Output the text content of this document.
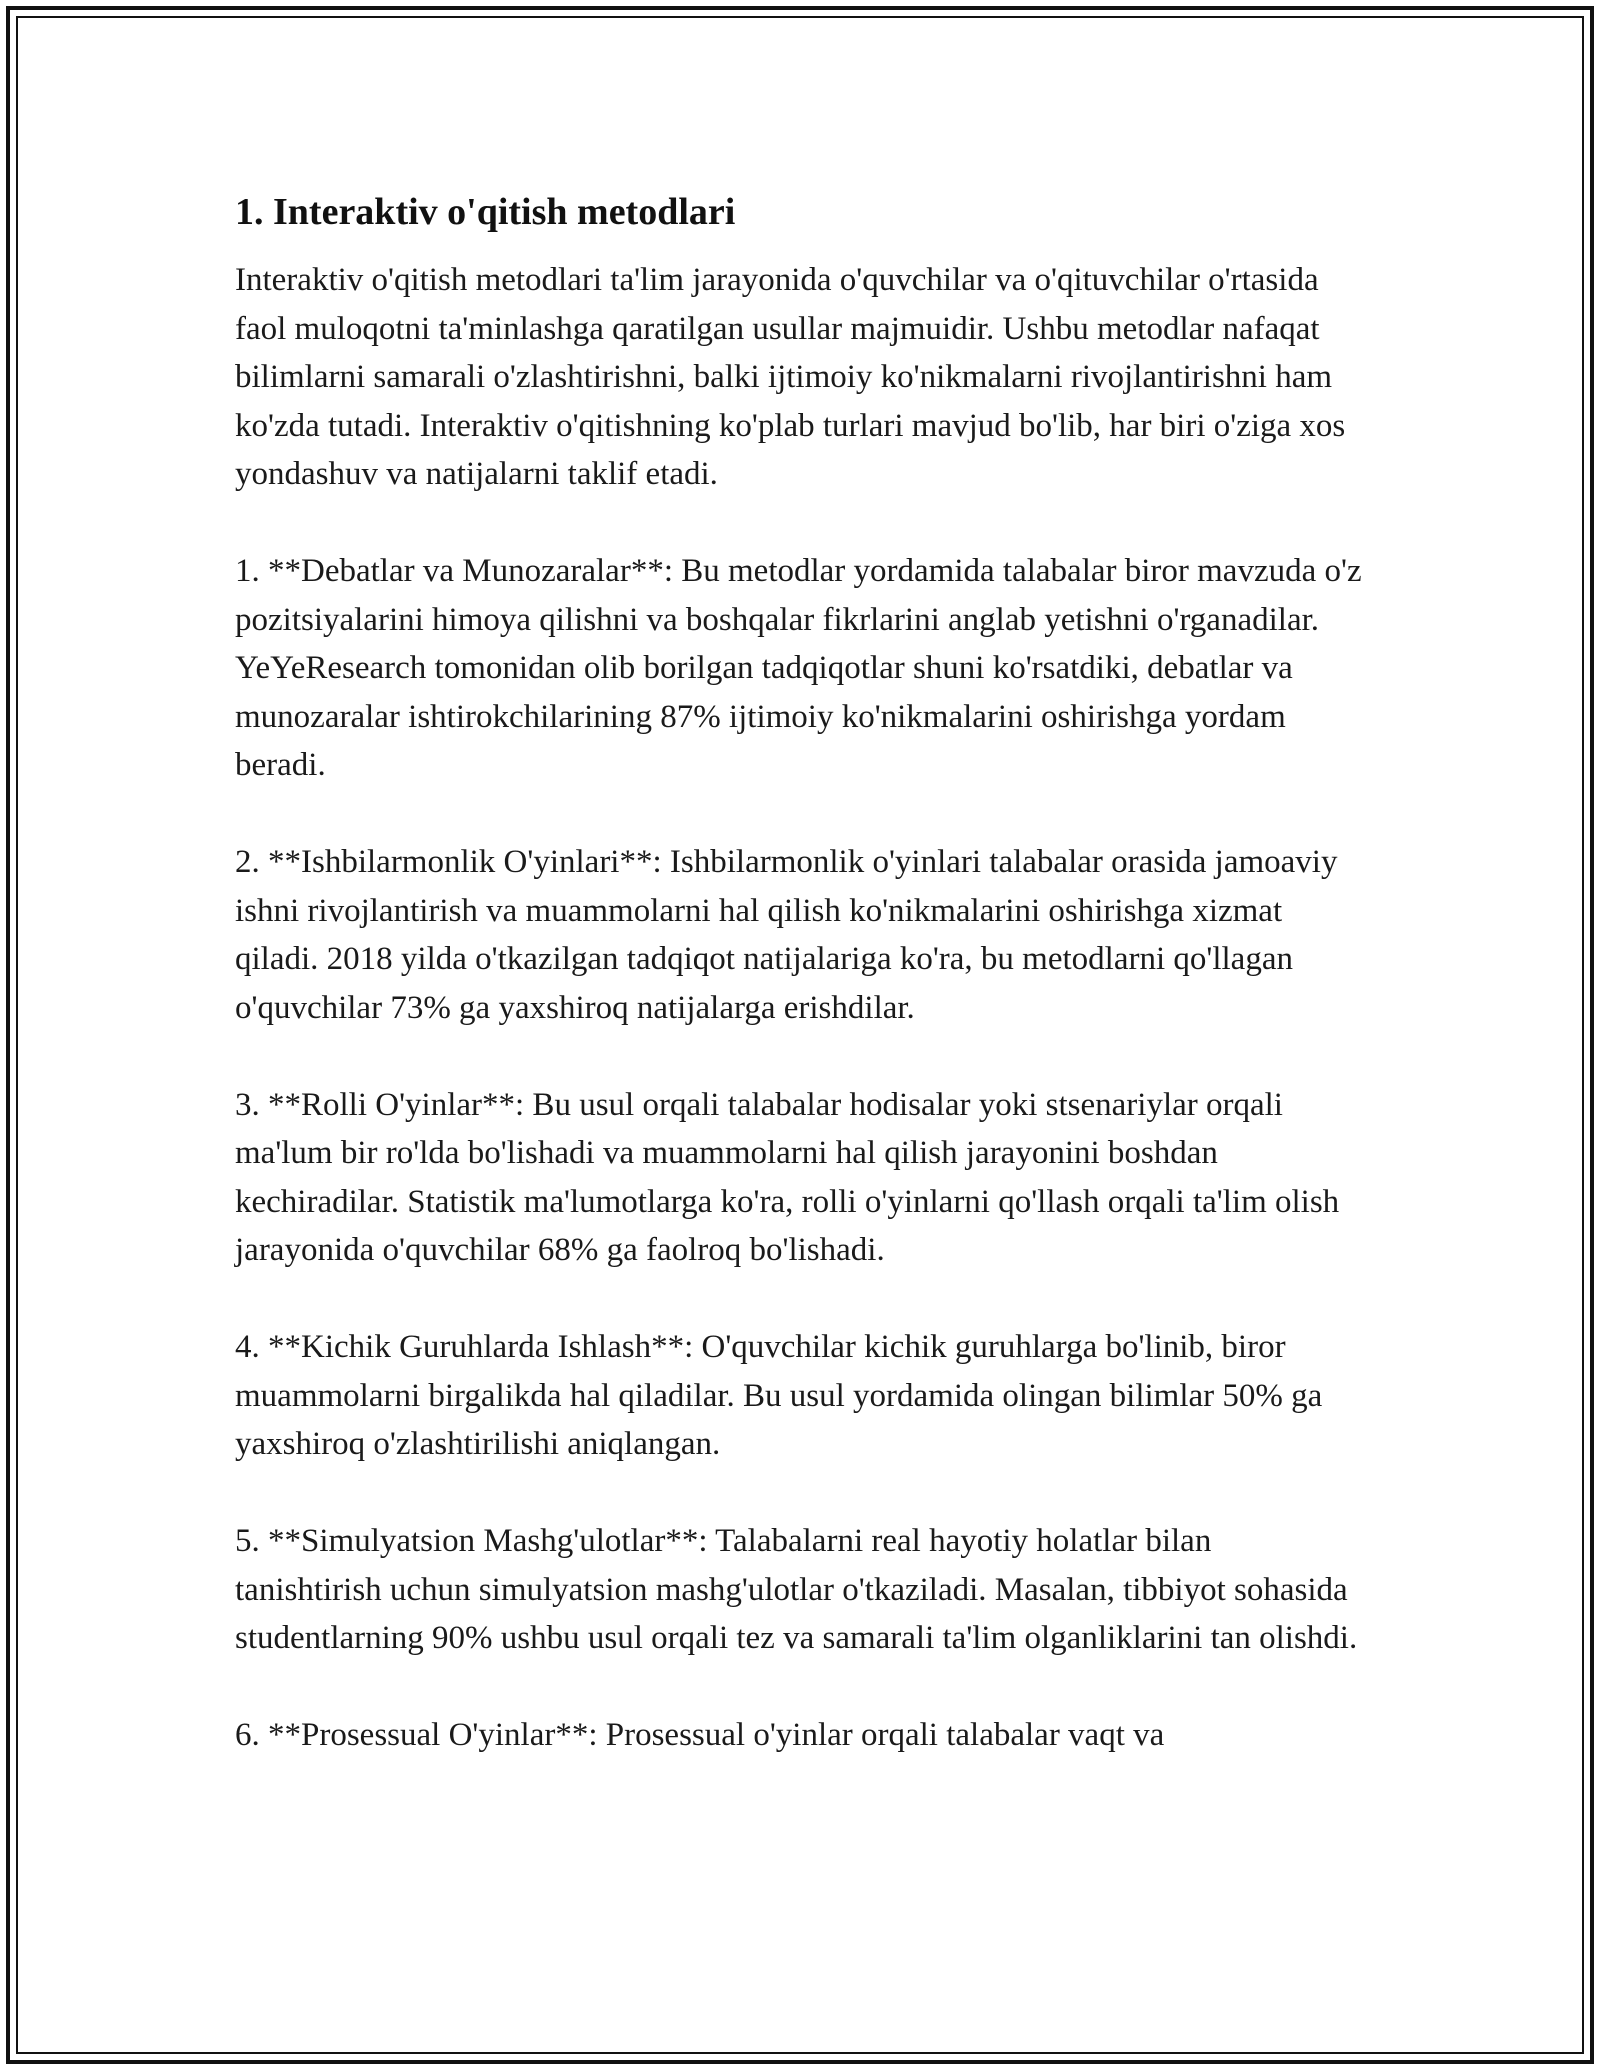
1. Interaktiv o'qitish metodlari

Interaktiv o'qitish metodlari ta'lim jarayonida o'quvchilar va o'qituvchilar o'rtasida faol muloqotni ta'minlashga qaratilgan usullar majmuidir. Ushbu metodlar nafaqat bilimlarni samarali o'zlashtirishni, balki ijtimoiy ko'nikmalarni rivojlantirishni ham ko'zda tutadi. Interaktiv o'qitishning ko'plab turlari mavjud bo'lib, har biri o'ziga xos yondashuv va natijalarni taklif etadi.

1. **Debatlar va Munozaralar**: Bu metodlar yordamida talabalar biror mavzuda o'z pozitsiyalarini himoya qilishni va boshqalar fikrlarini anglab yetishni o'rganadilar. YeYeResearch tomonidan olib borilgan tadqiqotlar shuni ko'rsatdiki, debatlar va munozaralar ishtirokchilarining 87% ijtimoiy ko'nikmalarini oshirishga yordam beradi.

2. **Ishbilarmonlik O'yinlari**: Ishbilarmonlik o'yinlari talabalar orasida jamoaviy ishni rivojlantirish va muammolarni hal qilish ko'nikmalarini oshirishga xizmat qiladi. 2018 yilda o'tkazilgan tadqiqot natijalariga ko'ra, bu metodlarni qo'llagan o'quvchilar 73% ga yaxshiroq natijalarga erishdilar.

3. **Rolli O'yinlar**: Bu usul orqali talabalar hodisalar yoki stsenariylar orqali ma'lum bir ro'lda bo'lishadi va muammolarni hal qilish jarayonini boshdan kechiradilar. Statistik ma'lumotlarga ko'ra, rolli o'yinlarni qo'llash orqali ta'lim olish jarayonida o'quvchilar 68% ga faolroq bo'lishadi.

4. **Kichik Guruhlarda Ishlash**: O'quvchilar kichik guruhlarga bo'linib, biror muammolarni birgalikda hal qiladilar. Bu usul yordamida olingan bilimlar 50% ga yaxshiroq o'zlashtirilishi aniqlangan.

5. **Simulyatsion Mashg'ulotlar**: Talabalarni real hayotiy holatlar bilan tanishtirish uchun simulyatsion mashg'ulotlar o'tkaziladi. Masalan, tibbiyot sohasida studentlarning 90% ushbu usul orqali tez va samarali ta'lim olganliklarini tan olishdi.

6. **Prosessual O'yinlar**: Prosessual o'yinlar orqali talabalar vaqt va
